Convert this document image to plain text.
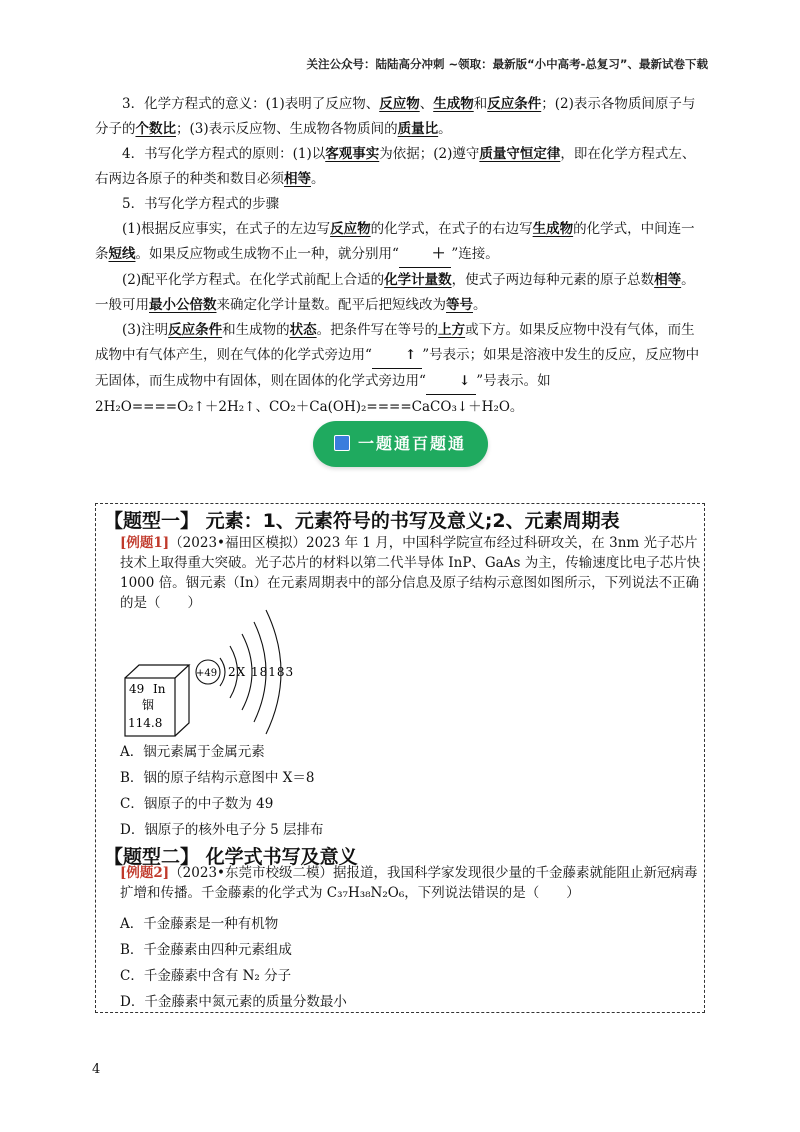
关注公众号：陆陆高分冲刺 ~领取：最新版“小中高考-总复习”、最新试卷下载

3．化学方程式的意义：(1)表明了反应物、反应物、生成物和反应条件；(2)表示各物质间原子与分子的个数比；(3)表示反应物、生成物各物质间的质量比。

4．书写化学方程式的原则：(1)以客观事实为依据；(2)遵守质量守恒定律，即在化学方程式左、右两边各原子的种类和数目必须相等。

5．书写化学方程式的步骤

(1)根据反应事实，在式子的左边写反应物的化学式，在式子的右边写生成物的化学式，中间连一条短线。如果反应物或生成物不止一种，就分别用“ ＋ ”连接。

(2)配平化学方程式。在化学式前配上合适的化学计量数，使式子两边每种元素的原子总数相等。一般可用最小公倍数来确定化学计量数。配平后把短线改为等号。

(3)注明反应条件和生成物的状态。把条件写在等号的上方或下方。如果反应物中没有气体，而生成物中有气体产生，则在气体的化学式旁边用“ ↑ ”号表示；如果是溶液中发生的反应，反应物中无固体，而生成物中有固体，则在固体的化学式旁边用“ ↓ ”号表示。如

2H₂O====O₂↑＋2H₂↑、CO₂＋Ca(OH)₂====CaCO₃↓＋H₂O。

一题通百题通
【题型一】 元素：1、元素符号的书写及意义;2、元素周期表
[例题1]（2023•福田区模拟）2023 年 1 月，中国科学院宣布经过科研攻关，在 3nm 光子芯片技术上取得重大突破。光子芯片的材料以第二代半导体 InP、GaAs 为主，传输速度比电子芯片快 1000 倍。铟元素（In）在元素周期表中的部分信息及原子结构示意图如图所示，下列说法不正确的是（　　）
49 In
铟
114.8
+49 2X 18183
A．铟元素属于金属元素
B．铟的原子结构示意图中 X＝8
C．铟原子的中子数为 49
D．铟原子的核外电子分 5 层排布
【题型二】 化学式书写及意义
[例题2]（2023•东莞市校级二模）据报道，我国科学家发现很少量的千金藤素就能阻止新冠病毒扩增和传播。千金藤素的化学式为 C₃₇H₃₈N₂O₆，下列说法错误的是（　　）
A．千金藤素是一种有机物
B．千金藤素由四种元素组成
C．千金藤素中含有 N₂ 分子
D．千金藤素中氮元素的质量分数最小
4
